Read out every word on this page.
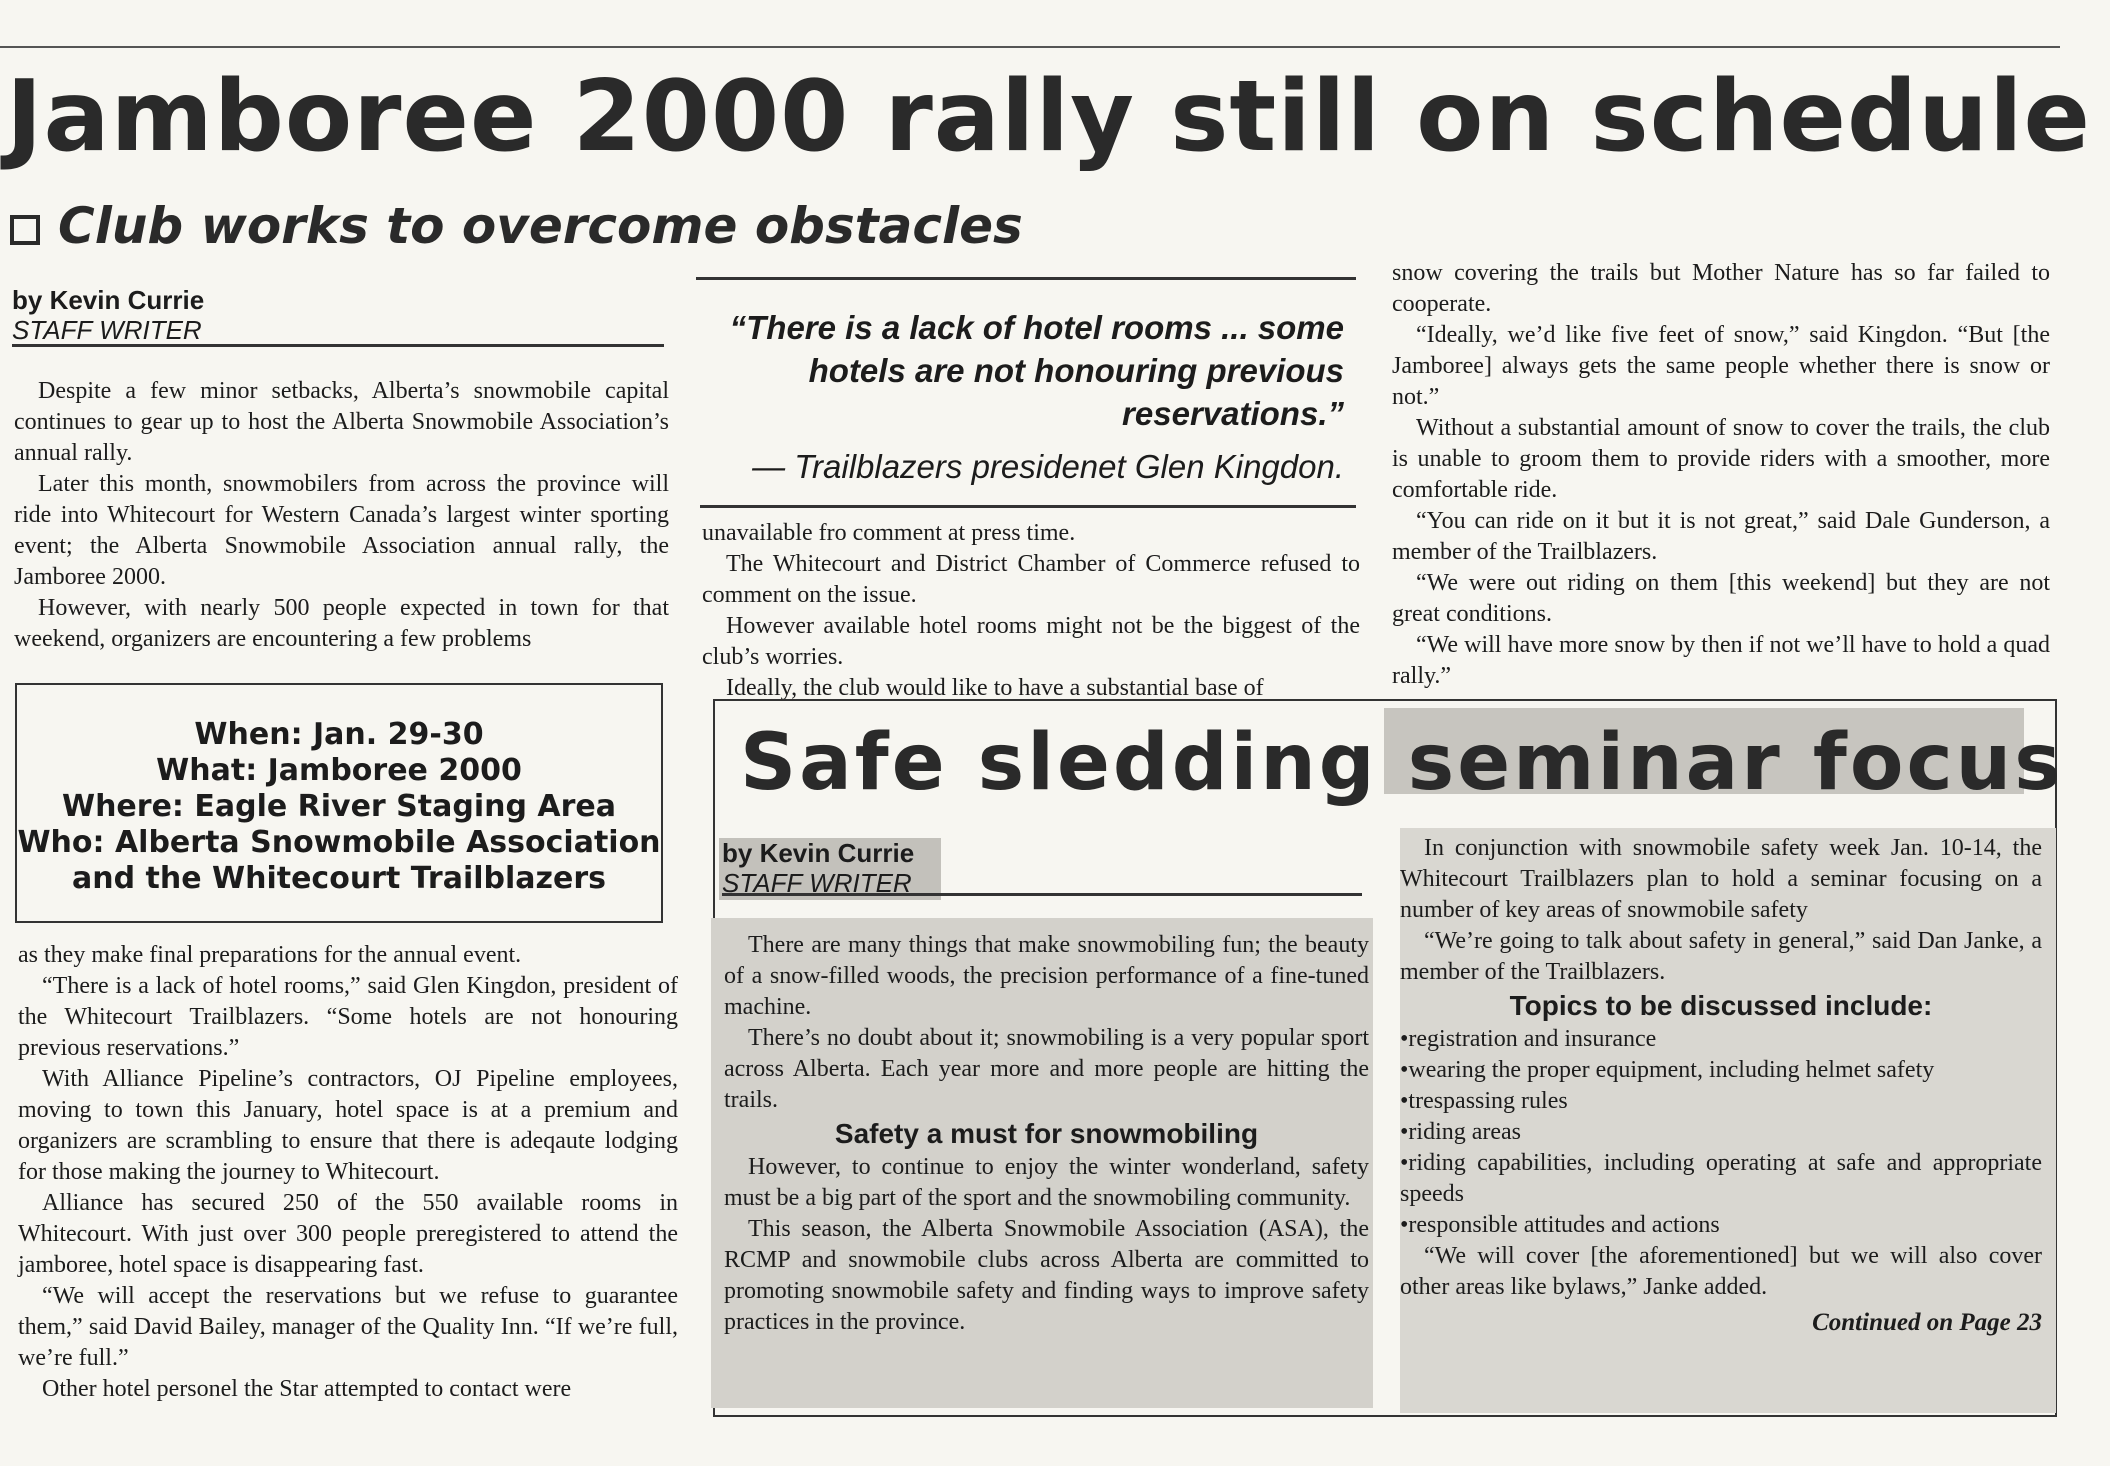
Jamboree 2000 rally still on schedule
Club works to overcome obstacles
by Kevin Currie
STAFF WRITER

Despite a few minor setbacks, Alberta’s snowmobile capital continues to gear up to host the Alberta Snowmobile Association’s annual rally.

Later this month, snowmobilers from across the province will ride into Whitecourt for Western Canada’s largest winter sporting event; the Alberta Snowmobile Association annual rally, the Jamboree 2000.

However, with nearly 500 people expected in town for that weekend, organizers are encountering a few problems

When: Jan. 29-30
What: Jamboree 2000
Where: Eagle River Staging Area
Who: Alberta Snowmobile Association
and the Whitecourt Trailblazers

as they make final preparations for the annual event.

“There is a lack of hotel rooms,” said Glen Kingdon, president of the Whitecourt Trailblazers. “Some hotels are not honouring previous reservations.”

With Alliance Pipeline’s contractors, OJ Pipeline employees, moving to town this January, hotel space is at a premium and organizers are scrambling to ensure that there is adeqaute lodging for those making the journey to Whitecourt.

Alliance has secured 250 of the 550 available rooms in Whitecourt. With just over 300 people preregistered to attend the jamboree, hotel space is disappearing fast.

“We will accept the reservations but we refuse to guarantee them,” said David Bailey, manager of the Quality Inn. “If we’re full, we’re full.”

Other hotel personel the Star attempted to contact were

“There is a lack of hotel rooms ... some hotels are not honouring previous reservations.”
— Trailblazers presidenet Glen Kingdon.

unavailable fro comment at press time.

The Whitecourt and District Chamber of Commerce refused to comment on the issue.

However available hotel rooms might not be the biggest of the club’s worries.

Ideally, the club would like to have a substantial base of

snow covering the trails but Mother Nature has so far failed to cooperate.

“Ideally, we’d like five feet of snow,” said Kingdon. “But [the Jamboree] always gets the same people whether there is snow or not.”

Without a substantial amount of snow to cover the trails, the club is unable to groom them to provide riders with a smoother, more comfortable ride.

“You can ride on it but it is not great,” said Dale Gunderson, a member of the Trailblazers.

“We were out riding on them [this weekend] but they are not great conditions.

“We will have more snow by then if not we’ll have to hold a quad rally.”

Safe sledding seminar focus
by Kevin Currie
STAFF WRITER

There are many things that make snowmobiling fun; the beauty of a snow-filled woods, the precision performance of a fine-tuned machine.

There’s no doubt about it; snowmobiling is a very popular sport across Alberta. Each year more and more people are hitting the trails.

Safety a must for snowmobiling

However, to continue to enjoy the winter wonderland, safety must be a big part of the sport and the snowmobiling community.

This season, the Alberta Snowmobile Association (ASA), the RCMP and snowmobile clubs across Alberta are committed to promoting snowmobile safety and finding ways to improve safety practices in the province.

In conjunction with snowmobile safety week Jan. 10-14, the Whitecourt Trailblazers plan to hold a seminar focusing on a number of key areas of snowmobile safety

“We’re going to talk about safety in general,” said Dan Janke, a member of the Trailblazers.

Topics to be discussed include:
• registration and insurance
• wearing the proper equipment, including helmet safety
• trespassing rules
• riding areas
• riding capabilities, including operating at safe and appropriate speeds
• responsible attitudes and actions

“We will cover [the aforementioned] but we will also cover other areas like bylaws,” Janke added.

Continued on Page 23
